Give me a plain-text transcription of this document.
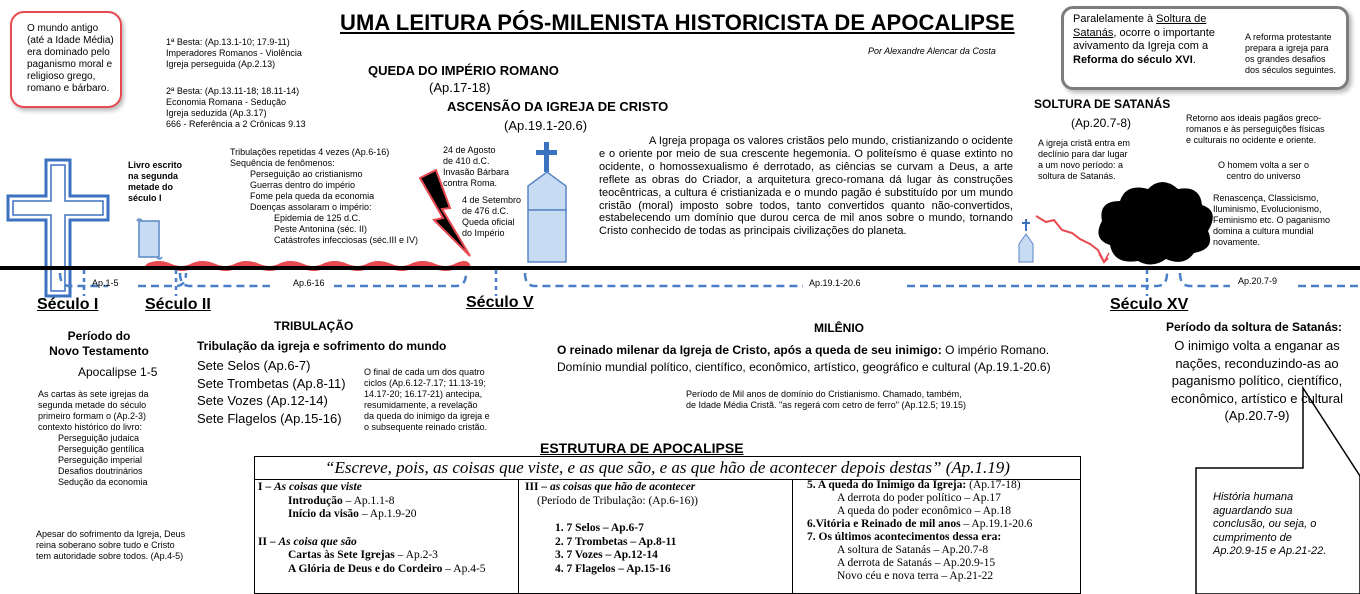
UMA LEITURA PÓS-MILENISTA HISTORICISTA DE APOCALIPSE
Por Alexandre Alencar da Costa
O mundo antigo
(até a Idade Média)
era dominado pelo
paganismo moral e
religioso grego,
romano e bárbaro.
1ª Besta: (Ap.13.1-10; 17.9-11)
Imperadores Romanos - Violência
Igreja perseguida (Ap.2.13)
2ª Besta: (Ap.13.11-18; 18.11-14)
Economia Romana - Sedução
Igreja seduzida (Ap.3.17)
666 - Referência a 2 Crônicas 9.13
QUEDA DO IMPÉRIO ROMANO
(Ap.17-18)
ASCENSÃO DA IGREJA DE CRISTO
(Ap.19.1-20.6)
Livro escrito
na segunda
metade do
século I
Tribulações repetidas 4 vezes (Ap.6-16)
Sequência de fenômenos:
Perseguição ao cristianismo
Guerras dentro do império
Fome pela queda da economia
Doenças assolaram o império:
Epidemia de 125 d.C.
Peste Antonina (séc. II)
Catástrofes infecciosas (séc.III e IV)
24 de Agosto
de 410 d.C.
Invasão Bárbara
contra Roma.
4 de Setembro
de 476 d.C.
Queda oficial
do Império
A Igreja propaga os valores cristãos pelo mundo, cristianizando o ocidente e o oriente por meio de sua crescente hegemonia. O politeísmo é quase extinto no ocidente, o homossexualismo é derrotado, as ciências se curvam a Deus, a arte reflete as obras do Criador, a arquitetura greco-romana dá lugar às construções teocêntricas, a cultura é cristianizada e o mundo pagão é substituído por um mundo cristão (moral) imposto sobre todos, tanto convertidos quanto não-convertidos, estabelecendo um domínio que durou cerca de mil anos sobre o mundo, tornando Cristo conhecido de todas as principais civilizações do planeta.
SOLTURA DE SATANÁS
(Ap.20.7-8)
A igreja cristã entra em
declínio para dar lugar
a um novo período: a
soltura de Satanás.
Paralelamente à Soltura de Satanás, ocorre o importante avivamento da Igreja com a Reforma do século XVI.
A reforma protestante
prepara a igreja para
os grandes desafios
dos séculos seguintes.
Retorno aos ideais pagãos greco-
romanos e às perseguições físicas
e culturais no ocidente e oriente.
O homem volta a ser o
centro do universo
Renascença, Classicismo,
Iluminismo, Evolucionismo,
Feminismo etc. O paganismo
domina a cultura mundial
novamente.
Ap.1-5	Ap.6-16	Ap.19.1-20.6	Ap.20.7-9
Século I	Século II	Século V	Século XV
Período do
Novo Testamento
Apocalipse 1-5
As cartas às sete igrejas da
segunda metade do século
primeiro formam o (Ap.2-3)
contexto histórico do livro:
Perseguição judaica
Perseguição gentílica
Perseguição imperial
Desafios doutrinários
Sedução da economia
Apesar do sofrimento da Igreja, Deus
reina soberano sobre tudo e Cristo
tem autoridade sobre todos. (Ap.4-5)
TRIBULAÇÃO
Tribulação da igreja e sofrimento do mundo
Sete Selos (Ap.6-7)
Sete Trombetas (Ap.8-11)
Sete Vozes (Ap.12-14)
Sete Flagelos (Ap.15-16)
O final de cada um dos quatro
ciclos (Ap.6.12-7.17; 11.13-19;
14.17-20; 16.17-21) antecipa,
resumidamente, a revelação
da queda do inimigo da igreja e
o subsequente reinado cristão.
MILÊNIO
O reinado milenar da Igreja de Cristo, após a queda de seu inimigo: O império Romano.
Domínio mundial político, científico, econômico, artístico, geográfico e cultural (Ap.19.1-20.6)
Período de Mil anos de domínio do Cristianismo. Chamado, também,
de Idade Média Cristã. "as regerá com cetro de ferro" (Ap.12.5; 19.15)
Período da soltura de Satanás:
O inimigo volta a enganar as
nações, reconduzindo-as ao
paganismo político, científico,
econômico, artístico e cultural
(Ap.20.7-9)
ESTRUTURA DE APOCALIPSE
“Escreve, pois, as coisas que viste, e as que são, e as que hão de acontecer depois destas” (Ap.1.19)
I – As coisas que viste
Introdução – Ap.1.1-8
Início da visão – Ap.1.9-20
II – As coisa que são
Cartas às Sete Igrejas – Ap.2-3
A Glória de Deus e do Cordeiro – Ap.4-5
III – as coisas que hão de acontecer
(Período de Tribulação: (Ap.6-16))
1. 7 Selos – Ap.6-7
2. 7 Trombetas – Ap.8-11
3. 7 Vozes – Ap.12-14
4. 7 Flagelos – Ap.15-16
5. A queda do Inimigo da Igreja: (Ap.17-18)
A derrota do poder político – Ap.17
A queda do poder econômico – Ap.18
6.Vitória e Reinado de mil anos – Ap.19.1-20.6
7. Os últimos acontecimentos dessa era:
A soltura de Satanás – Ap.20.7-8
A derrota de Satanás – Ap.20.9-15
Novo céu e nova terra – Ap.21-22
História humana
aguardando sua
conclusão, ou seja, o
cumprimento de
Ap.20.9-15 e Ap.21-22.
